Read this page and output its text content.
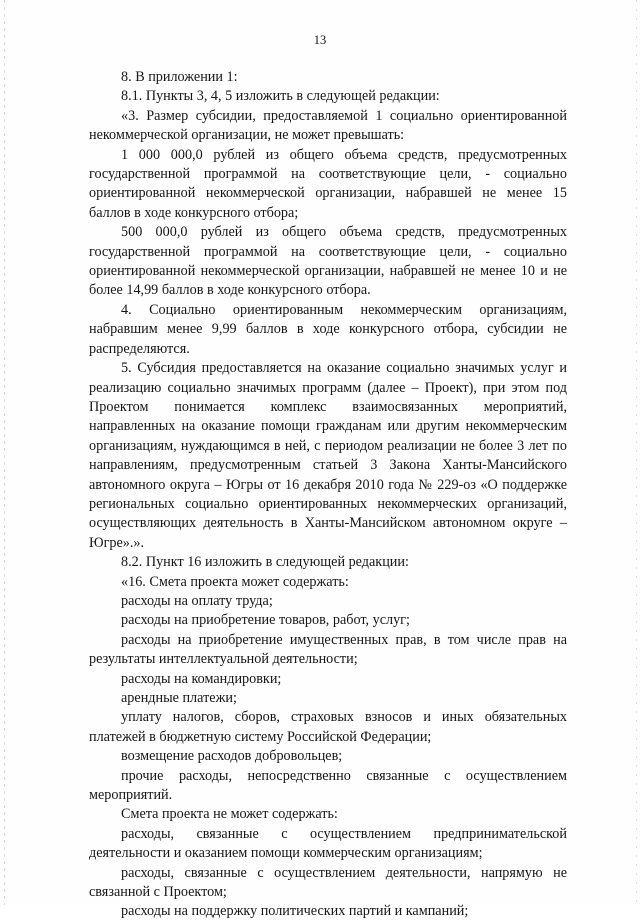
13

8. В приложении 1:

8.1. Пункты 3, 4, 5 изложить в следующей редакции:

«3. Размер субсидии, предоставляемой 1 социально ориентированной некоммерческой организации, не может превышать:

1 000 000,0 рублей из общего объема средств, предусмотренных государственной программой на соответствующие цели, - социально ориентированной некоммерческой организации, набравшей не менее 15 баллов в ходе конкурсного отбора;

500 000,0 рублей из общего объема средств, предусмотренных государственной программой на соответствующие цели, - социально ориентированной некоммерческой организации, набравшей не менее 10 и не более 14,99 баллов в ходе конкурсного отбора.

4. Социально ориентированным некоммерческим организациям, набравшим менее 9,99 баллов в ходе конкурсного отбора, субсидии не распределяются.

5. Субсидия предоставляется на оказание социально значимых услуг и реализацию социально значимых программ (далее – Проект), при этом под Проектом понимается комплекс взаимосвязанных мероприятий, направленных на оказание помощи гражданам или другим некоммерческим организациям, нуждающимся в ней, с периодом реализации не более 3 лет по направлениям, предусмотренным статьей 3 Закона Ханты-Мансийского автономного округа – Югры от 16 декабря 2010 года № 229-оз «О поддержке региональных социально ориентированных некоммерческих организаций, осуществляющих деятельность в Ханты-Мансийском автономном округе – Югре».».

8.2. Пункт 16 изложить в следующей редакции:

«16. Смета проекта может содержать:

расходы на оплату труда;

расходы на приобретение товаров, работ, услуг;

расходы на приобретение имущественных прав, в том числе прав на результаты интеллектуальной деятельности;

расходы на командировки;

арендные платежи;

уплату налогов, сборов, страховых взносов и иных обязательных платежей в бюджетную систему Российской Федерации;

возмещение расходов добровольцев;

прочие расходы, непосредственно связанные с осуществлением мероприятий.

Смета проекта не может содержать:

расходы, связанные с осуществлением предпринимательской деятельности и оказанием помощи коммерческим организациям;

расходы, связанные с осуществлением деятельности, напрямую не связанной с Проектом;

расходы на поддержку политических партий и кампаний;
